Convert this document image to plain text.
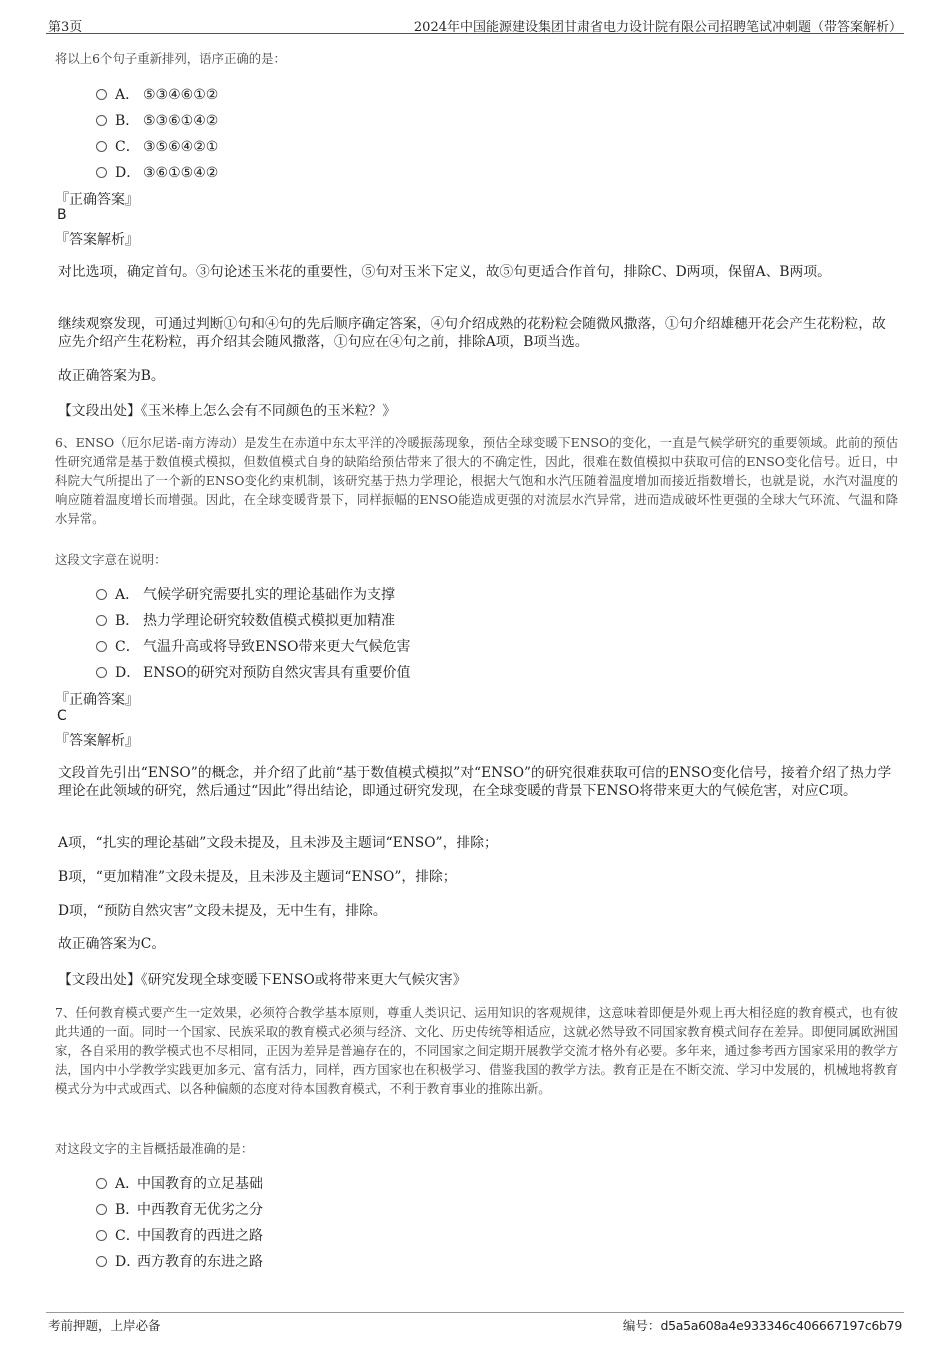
第3页	2024年中国能源建设集团甘肃省电力设计院有限公司招聘笔试冲刺题（带答案解析）
将以上6个句子重新排列，语序正确的是：
A． ⑤③④⑥①②
B． ⑤③⑥①④②
C． ③⑤⑥④②①
D． ③⑥①⑤④②
『正确答案』
B
『答案解析』
对比选项，确定首句。③句论述玉米花的重要性，⑤句对玉米下定义，故⑤句更适合作首句，排除C、D两项，保留A、B两项。
继续观察发现，可通过判断①句和④句的先后顺序确定答案，④句介绍成熟的花粉粒会随微风撒落，①句介绍雄穗开花会产生花粉粒，故应先介绍产生花粉粒，再介绍其会随风撒落，①句应在④句之前，排除A项，B项当选。
故正确答案为B。
【文段出处】《玉米棒上怎么会有不同颜色的玉米粒？》
6、ENSO（厄尔尼诺-南方涛动）是发生在赤道中东太平洋的冷暖振荡现象，预估全球变暖下ENSO的变化，一直是气候学研究的重要领域。此前的预估性研究通常是基于数值模式模拟，但数值模式自身的缺陷给预估带来了很大的不确定性，因此，很难在数值模拟中获取可信的ENSO变化信号。近日，中科院大气所提出了一个新的ENSO变化约束机制，该研究基于热力学理论，根据大气饱和水汽压随着温度增加而接近指数增长，也就是说，水汽对温度的响应随着温度增长而增强。因此，在全球变暖背景下，同样振幅的ENSO能造成更强的对流层水汽异常，进而造成破坏性更强的全球大气环流、气温和降水异常。
这段文字意在说明：
A． 气候学研究需要扎实的理论基础作为支撑
B． 热力学理论研究较数值模式模拟更加精准
C． 气温升高或将导致ENSO带来更大气候危害
D． ENSO的研究对预防自然灾害具有重要价值
『正确答案』
C
『答案解析』
文段首先引出“ENSO”的概念，并介绍了此前“基于数值模式模拟”对“ENSO”的研究很难获取可信的ENSO变化信号，接着介绍了热力学理论在此领域的研究，然后通过“因此”得出结论，即通过研究发现，在全球变暖的背景下ENSO将带来更大的气候危害，对应C项。
A项，“扎实的理论基础”文段未提及，且未涉及主题词“ENSO”，排除；
B项，“更加精准”文段未提及，且未涉及主题词“ENSO”，排除；
D项，“预防自然灾害”文段未提及，无中生有，排除。
故正确答案为C。
【文段出处】《研究发现全球变暖下ENSO或将带来更大气候灾害》
7、任何教育模式要产生一定效果，必须符合教学基本原则，尊重人类识记、运用知识的客观规律，这意味着即便是外观上再大相径庭的教育模式，也有彼此共通的一面。同时一个国家、民族采取的教育模式必须与经济、文化、历史传统等相适应，这就必然导致不同国家教育模式间存在差异。即便同属欧洲国家，各自采用的教学模式也不尽相同，正因为差异是普遍存在的，不同国家之间定期开展教学交流才格外有必要。多年来，通过参考西方国家采用的教学方法，国内中小学教学实践更加多元、富有活力，同样，西方国家也在积极学习、借鉴我国的教学方法。教育正是在不断交流、学习中发展的，机械地将教育模式分为中式或西式、以各种偏颇的态度对待本国教育模式，不利于教育事业的推陈出新。
对这段文字的主旨概括最准确的是：
A．中国教育的立足基础
B．中西教育无优劣之分
C．中国教育的西进之路
D．西方教育的东进之路
考前押题，上岸必备	编号：d5a5a608a4e933346c406667197c6b79
